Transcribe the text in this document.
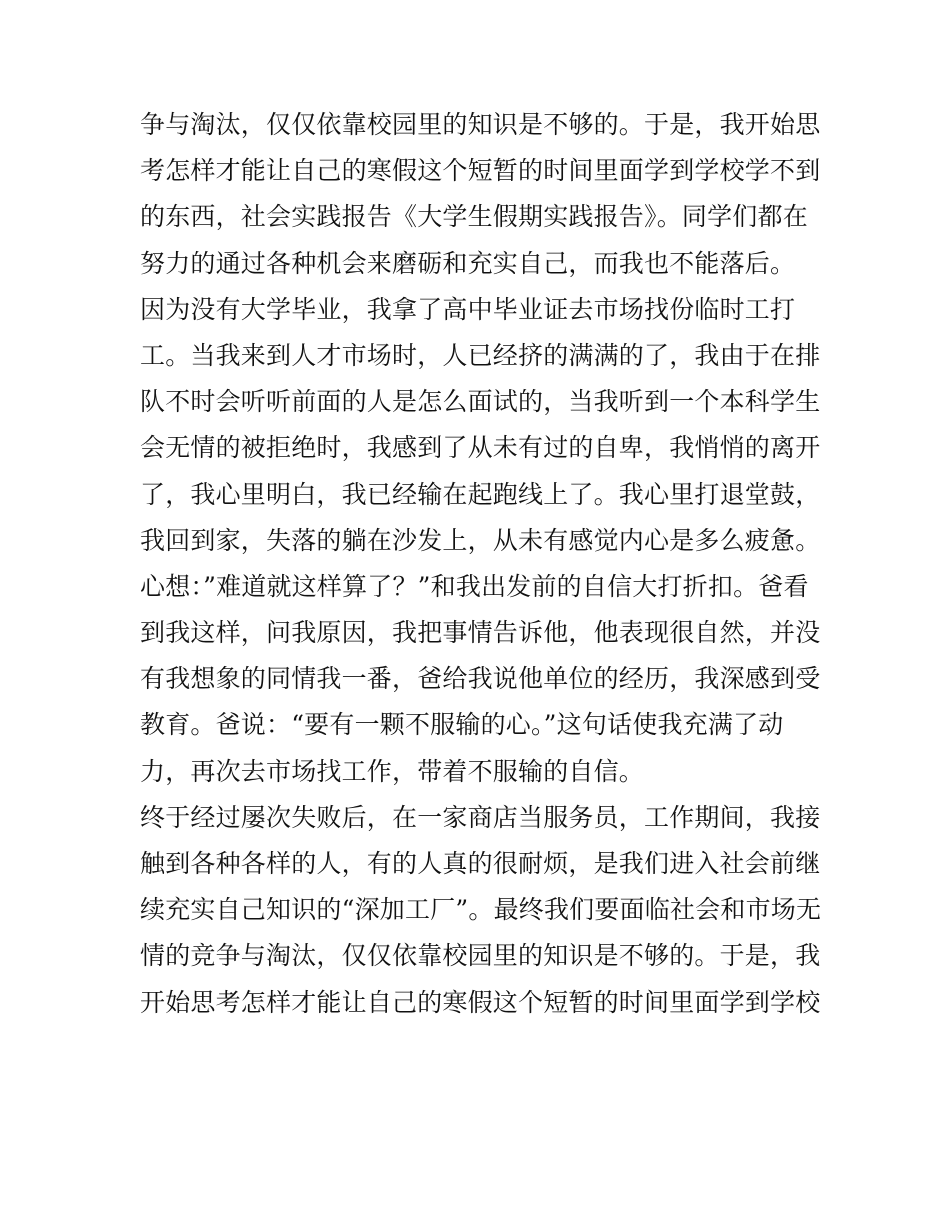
争与淘汰，仅仅依靠校园里的知识是不够的。于是，我开始思
考怎样才能让自己的寒假这个短暂的时间里面学到学校学不到
的东西，社会实践报告《大学生假期实践报告》。同学们都在
努力的通过各种机会来磨砺和充实自己，而我也不能落后。
因为没有大学毕业，我拿了高中毕业证去市场找份临时工打
工。当我来到人才市场时，人已经挤的满满的了，我由于在排
队不时会听听前面的人是怎么面试的，当我听到一个本科学生
会无情的被拒绝时，我感到了从未有过的自卑，我悄悄的离开
了，我心里明白，我已经输在起跑线上了。我心里打退堂鼓，
我回到家，失落的躺在沙发上，从未有感觉内心是多么疲惫。
心想：”难道就这样算了？”和我出发前的自信大打折扣。爸看
到我这样，问我原因，我把事情告诉他，他表现很自然，并没
有我想象的同情我一番，爸给我说他单位的经历，我深感到受
教育。爸说：“要有一颗不服输的心。”这句话使我充满了动
力，再次去市场找工作，带着不服输的自信。
终于经过屡次失败后，在一家商店当服务员，工作期间，我接
触到各种各样的人，有的人真的很耐烦，是我们进入社会前继
续充实自己知识的“深加工厂”。最终我们要面临社会和市场无
情的竞争与淘汰，仅仅依靠校园里的知识是不够的。于是，我
开始思考怎样才能让自己的寒假这个短暂的时间里面学到学校
